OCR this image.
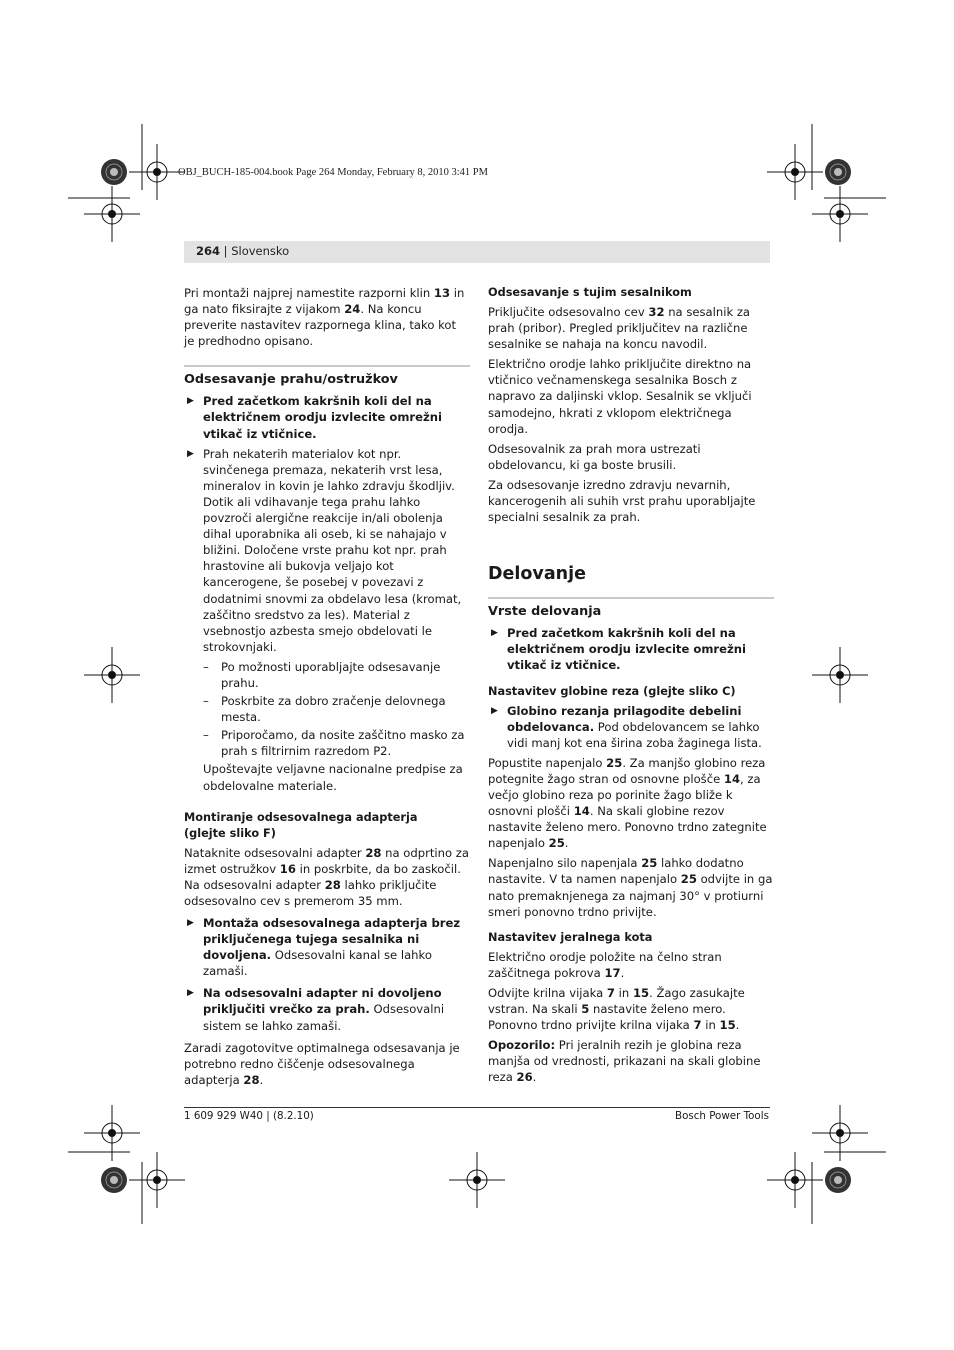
OBJ_BUCH-185-004.book Page 264 Monday, February 8, 2010 3:41 PM
264 | Slovensko

Pri montaži najprej namestite razporni klin 13 in ga nato fiksirajte z vijakom 24. Na koncu preverite nastavitev razpornega klina, tako kot je predhodno opisano.

Odsesavanje prahu/ostružkov
▶ Pred začetkom kakršnih koli del na električnem orodju izvlecite omrežni vtikač iz vtičnice.
▶ Prah nekaterih materialov kot npr. svinčenega premaza, nekaterih vrst lesa, mineralov in kovin je lahko zdravju škodljiv. Dotik ali vdihavanje tega prahu lahko povzroči alergične reakcije in/ali obolenja dihal uporabnika ali oseb, ki se nahajajo v bližini. Določene vrste prahu kot npr. prah hrastovine ali bukovja veljajo kot kancerogene, še posebej v povezavi z dodatnimi snovmi za obdelavo lesa (kromat, zaščitno sredstvo za les). Material z vsebnostjo azbesta smejo obdelovati le strokovnjaki.
– Po možnosti uporabljajte odsesavanje prahu.
– Poskrbite za dobro zračenje delovnega mesta.
– Priporočamo, da nosite zaščitno masko za prah s filtrirnim razredom P2.

Upoštevajte veljavne nacionalne predpise za obdelovalne materiale.

Montiranje odsesovalnega adapterja
(glejte sliko F)

Nataknite odsesovalni adapter 28 na odprtino za izmet ostružkov 16 in poskrbite, da bo zaskočil. Na odsesovalni adapter 28 lahko priključite odsesovalno cev s premerom 35 mm.

▶ Montaža odsesovalnega adapterja brez priključenega tujega sesalnika ni dovoljena. Odsesovalni kanal se lahko zamaši.
▶ Na odsesovalni adapter ni dovoljeno priključiti vrečko za prah. Odsesovalni sistem se lahko zamaši.

Zaradi zagotovitve optimalnega odsesavanja je potrebno redno čiščenje odsesovalnega adapterja 28.

Odsesavanje s tujim sesalnikom

Priključite odsesovalno cev 32 na sesalnik za prah (pribor). Pregled priključitev na različne sesalnike se nahaja na koncu navodil.

Električno orodje lahko priključite direktno na vtičnico večnamenskega sesalnika Bosch z napravo za daljinski vklop. Sesalnik se vključi samodejno, hkrati z vklopom električnega orodja.

Odsesovalnik za prah mora ustrezati obdelovancu, ki ga boste brusili.

Za odsesovanje izredno zdravju nevarnih, kancerogenih ali suhih vrst prahu uporabljajte specialni sesalnik za prah.

Delovanje
Vrste delovanja
▶ Pred začetkom kakršnih koli del na električnem orodju izvlecite omrežni vtikač iz vtičnice.
Nastavitev globine reza (glejte sliko C)
▶ Globino rezanja prilagodite debelini obdelovanca. Pod obdelovancem se lahko vidi manj kot ena širina zoba žaginega lista.

Popustite napenjalo 25. Za manjšo globino reza potegnite žago stran od osnovne plošče 14, za večjo globino reza po porinite žago bliže k osnovni plošči 14. Na skali globine rezov nastavite želeno mero. Ponovno trdno zategnite napenjalo 25.

Napenjalno silo napenjala 25 lahko dodatno nastavite. V ta namen napenjalo 25 odvijte in ga nato premaknjenega za najmanj 30° v protiurni smeri ponovno trdno privijte.

Nastavitev jeralnega kota

Električno orodje položite na čelno stran zaščitnega pokrova 17.

Odvijte krilna vijaka 7 in 15. Žago zasukajte vstran. Na skali 5 nastavite želeno mero. Ponovno trdno privijte krilna vijaka 7 in 15.

Opozorilo: Pri jeralnih rezih je globina reza manjša od vrednosti, prikazani na skali globine reza 26.

1 609 929 W40 | (8.2.10)	Bosch Power Tools
